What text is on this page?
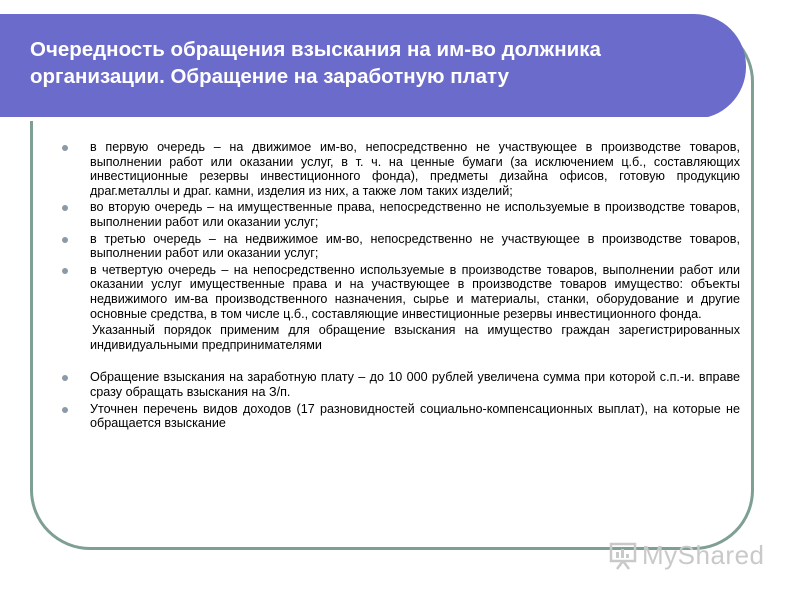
Очередность обращения взыскания на им-во должника
организации. Обращение на заработную плату

в первую очередь – на движимое им-во, непосредственно не участвующее в производстве товаров, выполнении работ или оказании услуг, в т. ч. на ценные бумаги (за исключением ц.б., составляющих инвестиционные резервы инвестиционного фонда), предметы дизайна офисов, готовую продукцию драг.металлы и драг. камни, изделия из них, а также лом таких изделий;
во вторую очередь – на имущественные права, непосредственно не используемые в производстве товаров, выполнении работ или оказании услуг;
в третью очередь – на недвижимое им-во, непосредственно не участвующее в производстве товаров, выполнении работ или оказании услуг;
в четвертую очередь – на непосредственно используемые в производстве товаров, выполнении работ или оказании услуг имущественные права и на участвующее в производстве товаров имущество: объекты недвижимого им-ва производственного назначения, сырье и материалы, станки, оборудование и другие основные средства, в том числе ц.б., составляющие инвестиционные резервы инвестиционного фонда.

Указанный порядок применим для обращение взыскания на имущество граждан зарегистрированных индивидуальными предпринимателями

Обращение взыскания на заработную плату – до 10 000 рублей увеличена сумма при которой с.п.-и. вправе сразу обращать взыскания на З/п.
Уточнен перечень видов доходов (17 разновидностей социально-компенсационных выплат), на которые не обращается взыскание
MyShared
